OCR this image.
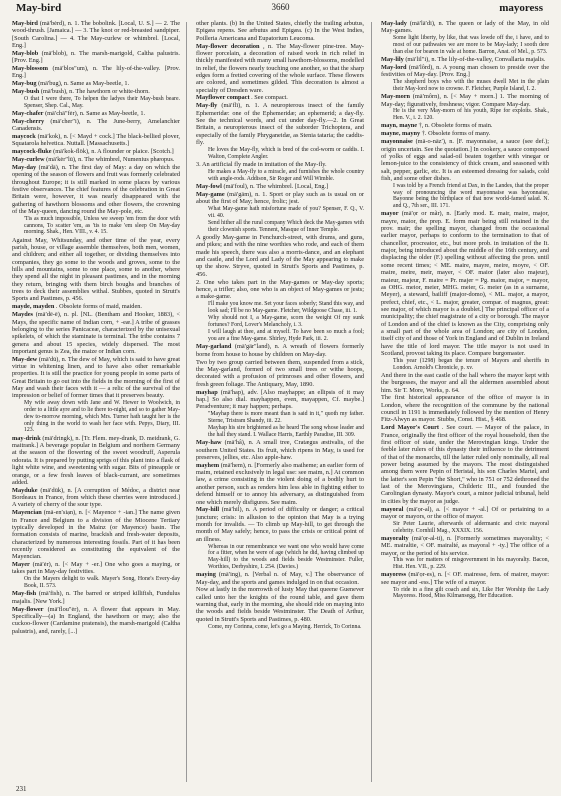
May-bird	3660	mayoress
May-bird (mā′bėrd), n. 1. The bobolink. [Local, U. S.] — 2. The wood-thrush. [Jamaica.] — 3. The knot or red-breasted sandpiper. [South Carolina.] — 4. The May-curlew or whimbrel. [Local, Eng.]
May-blob (mā′blob), n. The marsh-marigold, Caltha palustris. [Prov. Eng.]
May-blossom (mā′blos″um), n. The lily-of-the-valley. [Prov. Eng.]
May-bug (mā′bug), n. Same as May-beetle, 1.
May-bush (mā′bush), n. The hawthorn or white-thorn.
O that I were there, To helpen the ladyes their May-bush beare. Spenser, Shep. Cal., May.
May-chafer (mā′chā″fėr), n. Same as May-beetle, 1.
May-cherry (mā′cher″i), n. The June-berry, Amelanchier Canadensis.
maycock (mā′kok), n. [< Mayd + cock.] The black-bellied plover, Squatarola helvetica. Nuttall. [Massachusetts.]
maycock-fluke (mā′kok-flök), n. A flounder or plaice. [Scotch.]
May-curlew (mā′kėr″lū), n. The whimbrel, Numenius phæopus.
May-day (mā′dā), n. The first day of May: a day on which the opening of the season of flowers and fruit was formerly celebrated throughout Europe; it is still marked in some places by various festive observances. The chief features of the celebration in Great Britain were, however, it was nearly disappeared with the gathering of hawthorn blossoms and other flowers, the crowning of the May-queen, dancing round the May-pole, etc.
'Tis as much impossible, Unless we sweep 'em from the door with cannons, To scatter 'em, as 'tis to make 'em sleep On May-day morning. Shak., Hen. VIII., v. 4. 15.
Against May, Whitsunday, and other time of the year, every parish, house, or village assemble themselves, both men, women, and children; and either all together, or dividing themselves into companies, they go some to the woods and groves, some to the hills and mountains, some to one place, some to another, where they spend all the night in pleasant pastimes, and in the morning they return, bringing with them birch boughs and branches of trees to deck their assemblies withal. Stubbes, quoted in Strutt's Sports and Pastimes, p. 456.
mayde, mayden . Obsolete forms of maid, maiden.
Maydes (mā′dē-ē), n. pl. [NL. (Bentham and Hooker, 1883), < Mays, the specific name of Indian corn, + -eæ.] A tribe of grasses belonging to the series Panicaceæ, characterized by the unisexual spikelets, of which the staminate is terminal. The tribe contains 7 genera and about 15 species, widely dispersed. The most important genus is Zea, the maize or Indian corn.
May-dew (mā′dū), n. The dew of May, which is said to have great virtue in whitening linen, and to have also other remarkable properties. It is still the practice for young people in some parts of Great Britain to go out into the fields in the morning of the first of May and wash their faces with it — a relic of the survival of the impression or belief of former times that it preserves beauty.
My wife away down with Jane and W. Hewer to Woolwich, in order to a little ayre and to lie there to-night, and so to gather May-dew to-morrow morning, which Mrs. Turner hath taught her is the only thing in the world to wash her face with. Pepys, Diary, III. 123.
may-drink (mā′dringk), n. [Tr. Flem. mey-drank, D. meidrank, G. maitrank.] A beverage popular in Belgium and northern Germany at the season of the flowering of the sweet woodruff, Asperula odorata. It is prepared by putting sprigs of this plant into a flask of light white wine, and sweetening with sugar. Bits of pineapple or orange, or a few fresh leaves of black-currant, are sometimes added.
Mayduke (mā′dūk), n. [A corruption of Médoc, a district near Bordeaux in France, from which these cherries were introduced.] A variety of cherry of the sour type.
Mayencian (mā-en′siạn), n. [< Mayence + -ian.] The name given in France and Belgium to a division of the Miocene Tertiary typically developed in the Mainz (or Mayence) basin. The formation consists of marine, brackish and fresh-water deposits, characterized by numerous interesting fossils. Part of it has been recently considered as constituting the equivalent of the Mayencian.
Mayer (mā′ėr), n. [< May + -er.] One who goes a maying, or takes part in May-day festivities.
On the Mayers delight to walk. Mayer's Song, Hone's Every-day Book, II. 573.
May-fish (mā′fish), n. The barred or striped killifish, Fundulus majalis. [New York.]
May-flower (mā′flou″ėr), n. A flower that appears in May. Specifically—(a) In England, the hawthorn or may; also the cuckoo-flower (Cardamine pratensis), the marsh-marigold (Caltha palustris), and, rarely, [...]
other plants. (b) In the United States, chiefly the trailing arbutus, Epigæa repens. See arbutus and Epigæa. (c) In the West Indies, Poilleria Americana and Eupatorium Leucoma.
May-flower decoration , n. The May-flower pine-tree. May-flower porcelain, a decoration of raised work in rich relief in thickly manifested with many small hawthorn-blossoms, modelled in relief, the flowers nearly touching one another, so that the sharp edges form a fretted covering of the whole surface. These flowers are colored, and sometimes gilded. This decoration is almost a specialty of Dresden ware.
Mayflower compact . See compact.
May-fly (mā′flī), n. 1. A neuropterous insect of the family Ephemeridæ: one of the Ephemeridæ; an ephemerid; a day-fly. See the technical words, and cut under day-fly.—2. In Great Britain, a neuropterous insect of the suborder Trichoptera, and especially of the family Phryganeidæ, as Stenia tataria; the caddis-fly.
He loves the May-fly, which is bred of the cod-worm or caddis. I. Walton, Complete Angler.
3. An artificial fly made in imitation of the May-fly.
He makes a May-fly to a miracle, and furnishes the whole country with angle-rods. Addison, Sir Roger and Will Wimble.
May-fowl (mā′foul), n. The whimbrel. [Local, Eng.]
May-game (mā′gām), n. 1. Sport or play such as is usual on or about the first of May; hence, frolic; jest.
What May-game hath misfortune made of you? Spenser, F. Q., V. vii. 40.
Send hither all the rural company Which deck the May-games with their clownish sports. Tennent, Masque of Inner Temple.
A goodly May-game in Fenchurch-street, with drums, and guns, and pikes; and with the nine worthies who rode, and each of them made his speech, there was also a morris-dance, and an elephant and castle, and the Lord and Lady of the May appearing to make up the show. Stryve, quoted in Strutt's Sports and Pastimes, p. 456.
2. One who takes part in the May-games or May-day sports; hence, a trifler; also, one who is an object of May-games or jests; a make-game.
I'll make you know me. Set your faces soberly; Stand this way, and look sad; I'll be no May-game. Fletcher, Wildgoose Chase, iii. 1.
Why should not I, a May-game, scorn the weight Of my sunk fortunes? Ford, Lover's Melancholy, i. 3.
I will laugh at thee, and at myself. To have been so much a fool; you are a fine May-game. Shirley, Hyde Park, iii. 2.
May-garland (mā′gär″land), n. A wreath of flowers formerly borne from house to house by children on May-day.
Two by two group carried between them, suspended from a stick, the May-garland, formed of two small trees or withe hoops, decorated with a profusion of primroses and other flowers, and fresh green foliage. The Antiquary, May, 1890.
mayhap (mā′hap), adv. [Also mayhappe; an ellipsis of it may hap.] So also dial. mayhappen, even, mayappen, Cf. maybe.] Peradventure; it may happen; perhaps.
"Mayhap there is more meant than is said in it," quoth my father. Sterne, Tristram Shandy, iii. 22.
Mayhap his sire brightened as he heard The song whose leader and the hall they stand. I. Wallace Harris, Earthly Paradise, III. 309.
May-haw (mā′hâ), n. A small tree, Cratægus æstivalis, of the southern United States. Its fruit, which ripens in May, is used for preserves, jellies, etc. Also apple-haw.
mayhem (mā′hem), n. [Formerly also maihemе; an earlier form of maim, retained exclusively in legal use: see maim, n.] At common law, a crime consisting in the violent doing of a bodily hurt to another person, such as renders him less able in fighting either to defend himself or to annoy his adversary, as distinguished from one which merely disfigures. See maim.
May-hill (mā′hil), n. A period of difficulty or danger; a critical juncture; crisis: in allusion to the opinion that May is a trying month for invalids. — To climb up May-hill, to get through the month of May safely; hence, to pass the crisis or critical point of an illness.
Whereas in our remembrance we want one who would have come for a fitter, when he were of age (which he did, having climbed up May-hill) to the woods and fields beside Westminster. Fuller, Worthies, Derbyshire, I. 254. (Davies.)
maying (mā′ing), n. [Verbal n. of May, v.] The observance of May-day, and the sports and games indulged in on that occasion.
Now at lastly in the morrowth of lusty May that queene Guenever called unto her the knights of the round table, and gave them warning that, early in the morning, she should ride on maying into the woods and fields beside Westminster. The Death of Arthur, quoted in Strutt's Sports and Pastimes, p. 480.
Come, my Corinna, come, let's go a Maying. Herrick, To Corinna.
May-lady (mā′lā′di), n. The queen or lady of the May, in old May-games.
Some light liberty, by like, that was lowde off the, i have, and to most of our pathwaies we are more to be May-lady; I sooth dere than else for bearen in vale at home. Barron, Anat. of Mel., p. 573.
May-lily (mā′lil″i), n. The lily-of-the-valley, Convallaria majalis.
May-lord (mā′lôrd), n. A young man chosen to preside over the festivities of May-day. [Prov. Eng.]
The shepherd boys who with the muses dwell Met in the plain their May-lord now to crowne. F. Fletcher, Purple Island, I. 2.
May-morn (mā′môrn), n. [< May + morn.] 1. The morning of May-day; figuratively, freshness; vigor. Compare May-day.
He is the very May-morn of his youth, Ripe for exploits. Shak., Hen. V., i. 2. 120.
mayn, mayne †, n. Obsolete forms of main.
mayne, mayny †. Obsolete forms of many.
mayonnaise (mā-o-nāz′), n. [F. mayonnaise, a sauce (see def.); origin uncertain. See the quotation.] In cookery, a sauce composed of yolks of eggs and salad-oil beaten together with vinegar or lemon-juice to the consistency of thick cream, and seasoned with salt, pepper, garlic, etc. It is an esteemed dressing for salads, cold fish, and some other dishes.
I was told by a French friend at Dax, in the Landes, that the proper way of pronouncing the word mayonnaise was bayonnaise, Bayonne being the birthplace of that now world-famed salad. N. and Q., 7th ser., III. 171.
mayor (mā′ọr or mãr), n. [Early mod. E. mair, maire, major, mayre, maior, the prep. E. form mair being still retained in the prov. mair; the spelling mayor, changed from the occasional earlier mayor, perhaps to conform to the termination to that of chancellor, procreator, etc., but more prob. in imitation of the It. major, being introduced about the middle of the 16th century, and displacing the older (F.) spelling without affecting the pron. until some recent times; < ME. maire, mayre, meire, moyre, < OF. maire, meire, meir, mayer, < OF. maior (later also majeur), maieur, majeur, F. maire = Pr. majer = Pg. maior, major, = mayor, as OHG. meior, meier, MHG. meier, G. meier (as in a surname, Meyer), a steward, bailiff (major-domo), < ML. major, a mayor, prefect, chief, etc., < L. major, greater, compar. of magnus, great: see major, of which mayor is a doublet.] The principal officer of a municipality; the chief magistrate of a city or borough. The mayor of London and of the chief is known as the City, comprising only a small part of the whole area of London; are city of London, itself city of and those of York in England and of Dublin in Ireland have the title of lord mayor. The title mayor is not used in Scotland, provost taking its place. Compare burgomaster.
This year (1298) began the tenure of Mayors and sheriffs in London. Arnold's Chronicle, p. xv.
And there in the east castle of the hall whero the mayor kept with the burgesses, the mayor and all the aldermen assembled about him. Sir T. More, Works, p. 64.
The first historical appearance of the office of mayor is in London, where the recognition of the commune by the national council in 1191 is immediately followed by the mention of Henry Fitz-Alwyn as mayor. Stubbs, Const. Hist., § 468.
Lord Mayor's Court . See court. — Mayor of the palace, in France, originally the first officer of the royal household, then the first officer of state, under the Merovingian kings. Under the feeble later rulers of this dynasty their influence to the detriment of that of the monarchs, till the latter ruled only nominally, all real power being assumed by the mayors. The most distinguished among them were Pepin of Heristal, his son Charles Martel, and the latter's son Pepin "the Short," who in 751 or 752 dethroned the last of the Merovingians, Childeric III., and founded the Carolingian dynasty. Mayor's court, a minor judicial tribunal, held in cities by the mayor as judge.
mayoral (mā′ọr-al), a. [< mayor + -al.] Of or pertaining to a mayor or mayors, or the office of mayor.
Sir Peter Laurie, afterwards of aldermanic and civic mayoral celebrity. Cornhill Mag., XXXIX. 156.
mayoralty (mā′ọr-al-ti), n. [Formerly sometimes mayorality; < ME. mairaltie, < OF. mairalté, as mayoral + -ty.] The office of a mayor, or the period of his service.
This was for matters of misgovernment in his mayoralty. Bacon, Hist. Hen. VII., p. 229.
mayoress (mā′ọr-es), n. [< OF. mairesse, fem. of mairer, mayor: see mayor and -ess.] The wife of a mayor.
To ride in a fine gilt coach and six, Like Her Worship the Lady Mayoress. Hood, Miss Kilmansegg, Her Education.
231
